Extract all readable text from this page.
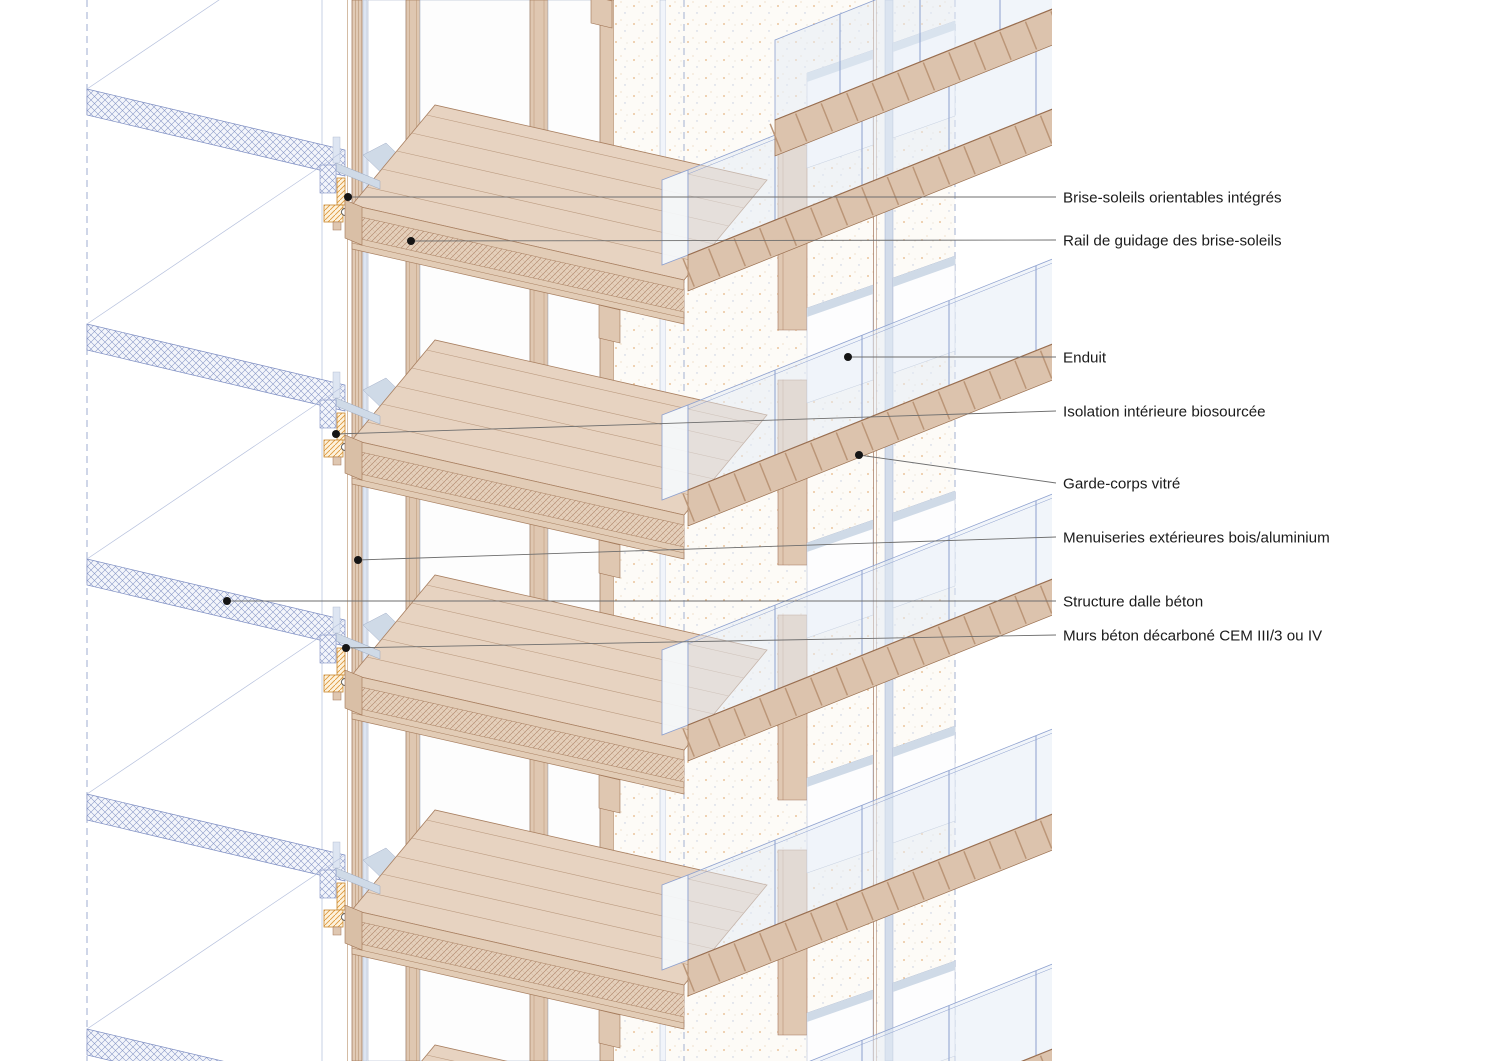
Brise-soleils orientables intégrés
Rail de guidage des brise-soleils
Enduit
Isolation intérieure biosourcée
Garde-corps vitré
Menuiseries extérieures bois/aluminium
Structure dalle béton
Murs béton décarboné CEM III/3 ou IV
